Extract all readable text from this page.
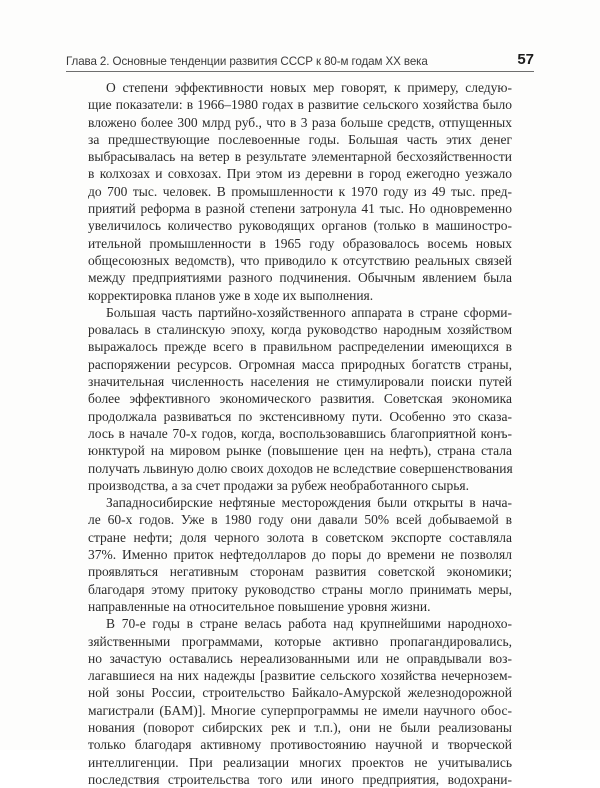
Глава 2. Основные тенденции развития СССР к 80-м годам ХХ века	57
О степени эффективности новых мер говорят, к примеру, следую-
щие показатели: в 1966–1980 годах в развитие сельского хозяйства было
вложено более 300 млрд руб., что в 3 раза больше средств, отпущенных
за предшествующие послевоенные годы. Большая часть этих денег
выбрасывалась на ветер в результате элементарной бесхозяйственности
в колхозах и совхозах. При этом из деревни в город ежегодно уезжало
до 700 тыс. человек. В промышленности к 1970 году из 49 тыс. пред-
приятий реформа в разной степени затронула 41 тыс. Но одновременно
увеличилось количество руководящих органов (только в машиностро-
ительной промышленности в 1965 году образовалось восемь новых
общесоюзных ведомств), что приводило к отсутствию реальных связей
между предприятиями разного подчинения. Обычным явлением была
корректировка планов уже в ходе их выполнения.
Большая часть партийно-хозяйственного аппарата в стране сформи-
ровалась в сталинскую эпоху, когда руководство народным хозяйством
выражалось прежде всего в правильном распределении имеющихся в
распоряжении ресурсов. Огромная масса природных богатств страны,
значительная численность населения не стимулировали поиски путей
более эффективного экономического развития. Советская экономика
продолжала развиваться по экстенсивному пути. Особенно это сказа-
лось в начале 70-х годов, когда, воспользовавшись благоприятной конъ-
юнктурой на мировом рынке (повышение цен на нефть), страна стала
получать львиную долю своих доходов не вследствие совершенствования
производства, а за счет продажи за рубеж необработанного сырья.
Западносибирские нефтяные месторождения были открыты в нача-
ле 60-х годов. Уже в 1980 году они давали 50% всей добываемой в
стране нефти; доля черного золота в советском экспорте составляла
37%. Именно приток нефтедолларов до поры до времени не позволял
проявляться негативным сторонам развития советской экономики;
благодаря этому притоку руководство страны могло принимать меры,
направленные на относительное повышение уровня жизни.
В 70-е годы в стране велась работа над крупнейшими народнохо-
зяйственными программами, которые активно пропагандировались,
но зачастую оставались нереализованными или не оправдывали воз-
лагавшиеся на них надежды [развитие сельского хозяйства нечернозем-
ной зоны России, строительство Байкало-Амурской железнодорожной
магистрали (БАМ)]. Многие суперпрограммы не имели научного обос-
нования (поворот сибирских рек и т.п.), они не были реализованы
только благодаря активному противостоянию научной и творческой
интеллигенции. При реализации многих проектов не учитывались
последствия строительства того или иного предприятия, водохрани-
